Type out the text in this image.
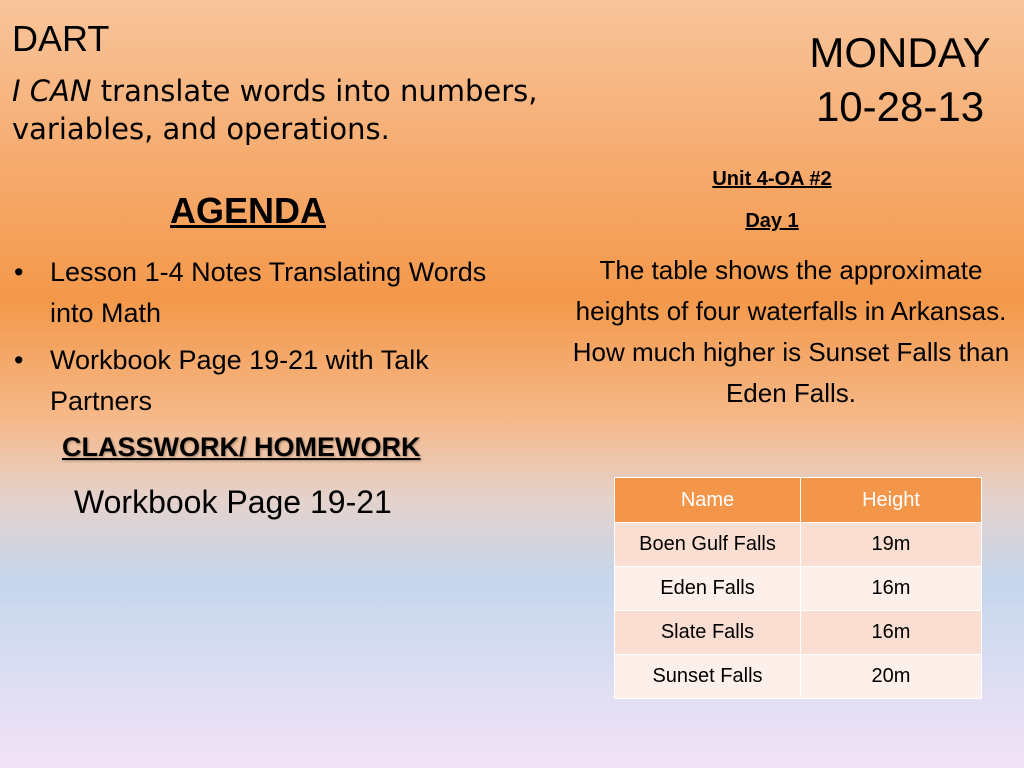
DART
I CAN translate words into numbers, variables, and operations.
MONDAY
10-28-13
AGENDA
• Lesson 1-4 Notes Translating Words into Math
• Workbook Page 19-21 with Talk Partners
CLASSWORK/ HOMEWORK
Workbook Page 19-21
Unit 4-OA #2
Day 1
The table shows the approximate heights of four waterfalls in Arkansas. How much higher is Sunset Falls than Eden Falls.
Name	Height
Boen Gulf Falls	19m
Eden Falls	16m
Slate Falls	16m
Sunset Falls	20m
